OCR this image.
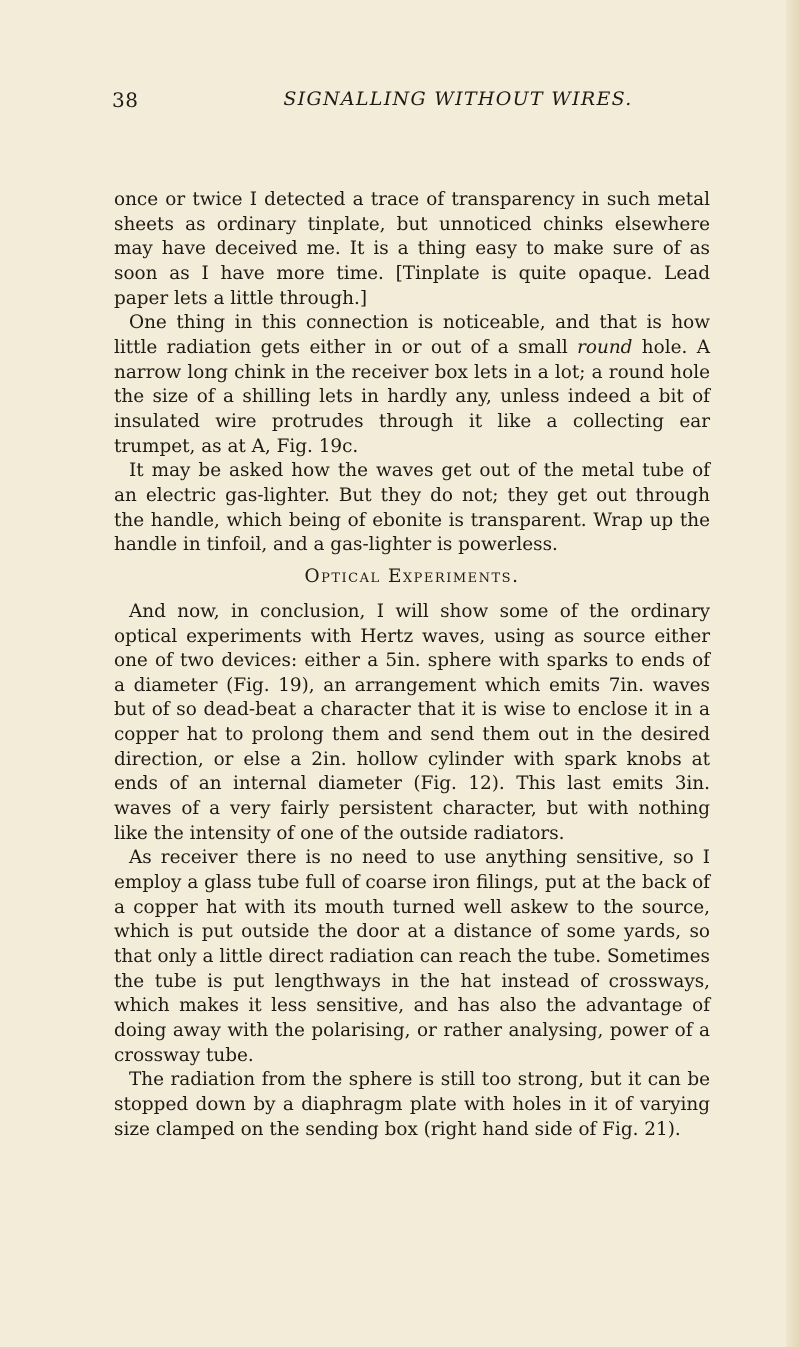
38	SIGNALLING WITHOUT WIRES.

once or twice I detected a trace of transparency in such metal sheets as ordinary tinplate, but unnoticed chinks elsewhere may have deceived me. It is a thing easy to make sure of as soon as I have more time. [Tinplate is quite opaque. Lead paper lets a little through.]

One thing in this connection is noticeable, and that is how little radiation gets either in or out of a small round hole. A narrow long chink in the receiver box lets in a lot; a round hole the size of a shilling lets in hardly any, unless indeed a bit of insulated wire protrudes through it like a collecting ear trumpet, as at A, Fig. 19c.

It may be asked how the waves get out of the metal tube of an electric gas-lighter. But they do not; they get out through the handle, which being of ebonite is transparent. Wrap up the handle in tinfoil, and a gas-lighter is powerless.

Optical Experiments.

And now, in conclusion, I will show some of the ordinary optical experiments with Hertz waves, using as source either one of two devices: either a 5in. sphere with sparks to ends of a diameter (Fig. 19), an arrangement which emits 7in. waves but of so dead-beat a character that it is wise to enclose it in a copper hat to prolong them and send them out in the desired direction, or else a 2in. hollow cylinder with spark knobs at ends of an internal diameter (Fig. 12). This last emits 3in. waves of a very fairly persistent character, but with nothing like the intensity of one of the outside radiators.

As receiver there is no need to use anything sensitive, so I employ a glass tube full of coarse iron filings, put at the back of a copper hat with its mouth turned well askew to the source, which is put outside the door at a distance of some yards, so that only a little direct radiation can reach the tube. Sometimes the tube is put lengthways in the hat instead of crossways, which makes it less sensitive, and has also the advantage of doing away with the polarising, or rather analysing, power of a crossway tube.

The radiation from the sphere is still too strong, but it can be stopped down by a diaphragm plate with holes in it of varying size clamped on the sending box (right hand side of Fig. 21).
